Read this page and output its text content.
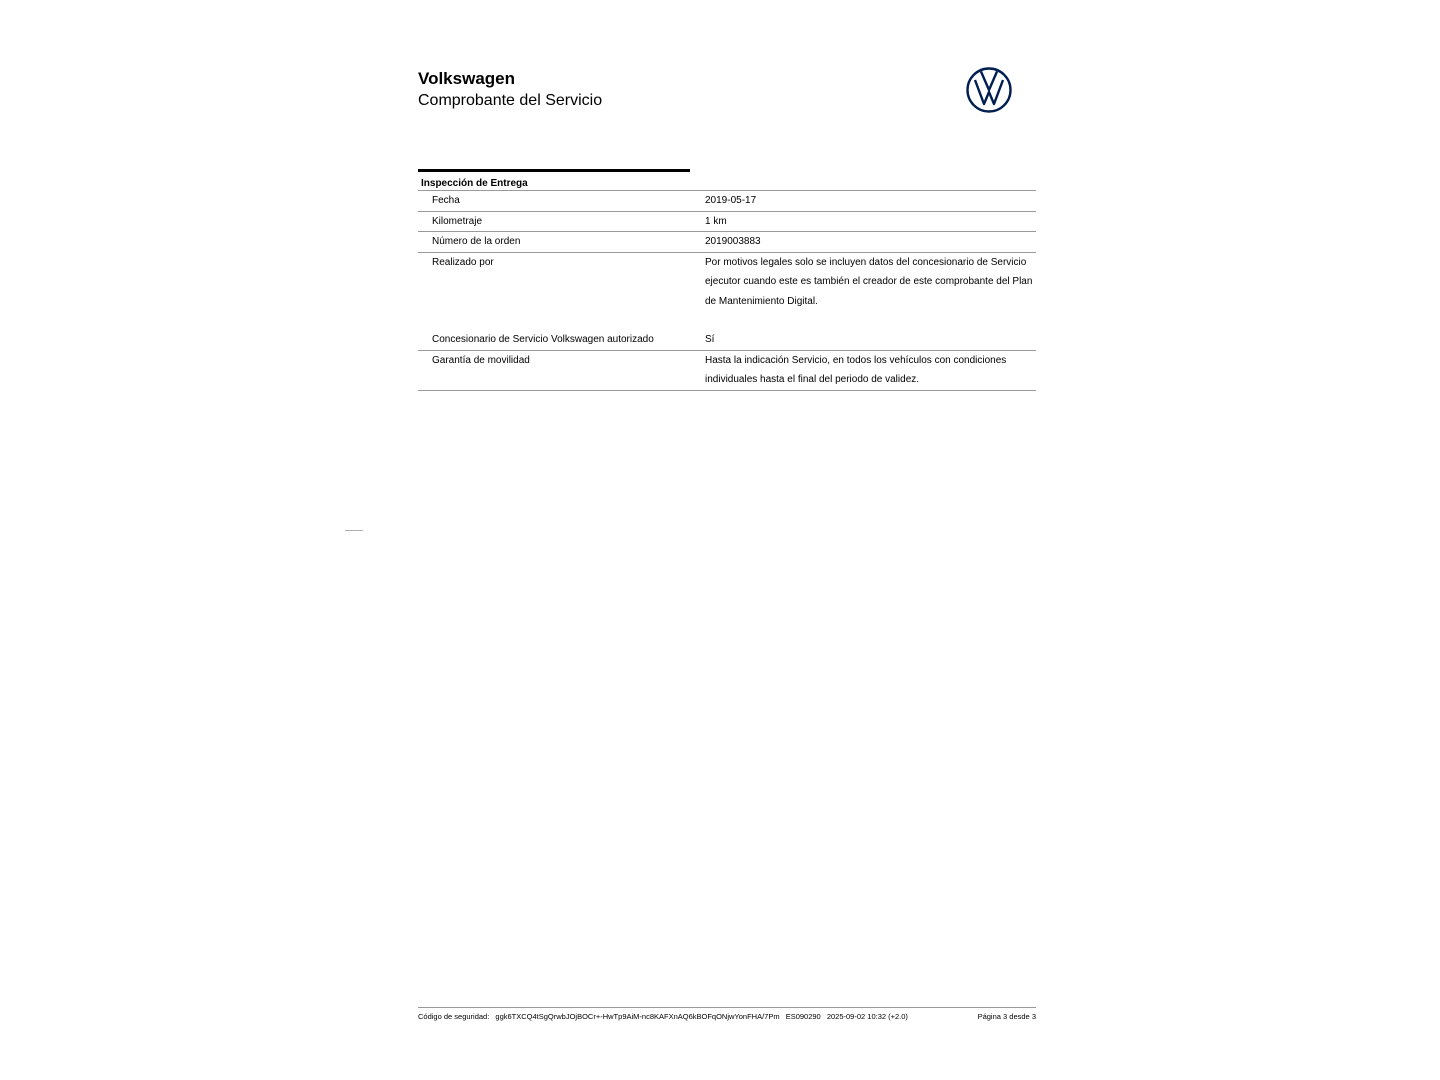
Volkswagen
Comprobante del Servicio
Inspección de Entrega
Fecha	2019-05-17
Kilometraje	1 km
Número de la orden	2019003883
Realizado por	Por motivos legales solo se incluyen datos del concesionario de Servicio ejecutor cuando este es también el creador de este comprobante del Plan de Mantenimiento Digital.
Concesionario de Servicio Volkswagen autorizado	Sí
Garantía de movilidad	Hasta la indicación Servicio, en todos los vehículos con condiciones individuales hasta el final del periodo de validez.
Código de seguridad: ggk6TXCQ4tSgQrwbJOjBOCr+-HwTp9AiM-nc8KAFXnAQ6kBOFqONjwYonFHA/7Pm ES090290 2025-09-02 10:32 (+2.0)	Página 3 desde 3
